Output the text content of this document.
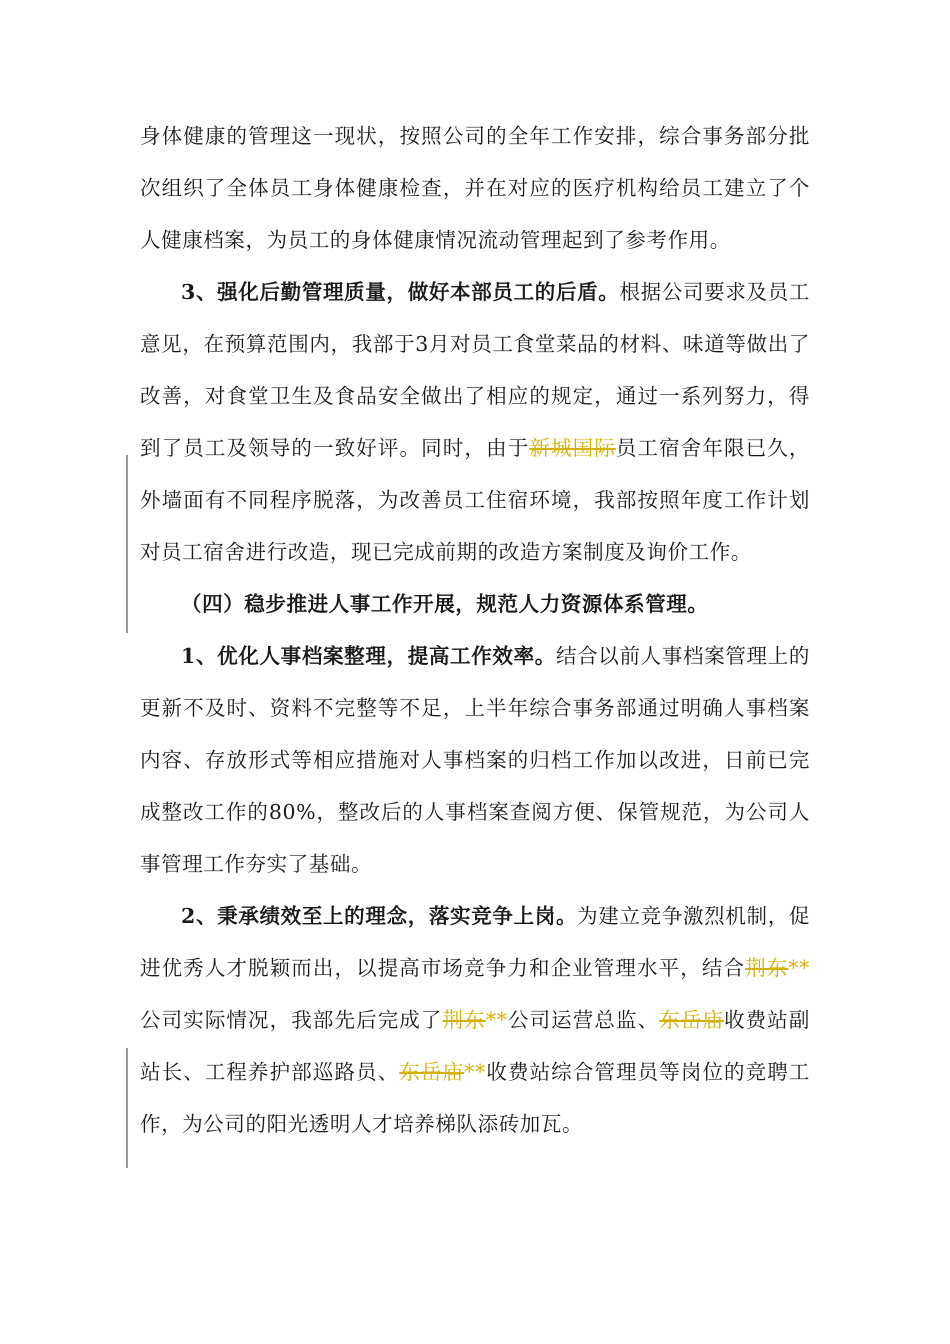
身体健康的管理这一现状，按照公司的全年工作安排，综合事务部分批次组织了全体员工身体健康检查，并在对应的医疗机构给员工建立了个人健康档案，为员工的身体健康情况流动管理起到了参考作用。

3、强化后勤管理质量，做好本部员工的后盾。根据公司要求及员工意见，在预算范围内，我部于3月对员工食堂菜品的材料、味道等做出了改善，对食堂卫生及食品安全做出了相应的规定，通过一系列努力，得到了员工及领导的一致好评。同时，由于新城国际员工宿舍年限已久，外墙面有不同程序脱落，为改善员工住宿环境，我部按照年度工作计划对员工宿舍进行改造，现已完成前期的改造方案制度及询价工作。

（四）稳步推进人事工作开展，规范人力资源体系管理。

1、优化人事档案整理，提高工作效率。结合以前人事档案管理上的更新不及时、资料不完整等不足，上半年综合事务部通过明确人事档案内容、存放形式等相应措施对人事档案的归档工作加以改进，日前已完成整改工作的80%，整改后的人事档案查阅方便、保管规范，为公司人事管理工作夯实了基础。

2、秉承绩效至上的理念，落实竞争上岗。为建立竞争激烈机制，促进优秀人才脱颖而出，以提高市场竞争力和企业管理水平，结合荆东**公司实际情况，我部先后完成了荆东**公司运营总监、东岳庙收费站副站长、工程养护部巡路员、东岳庙**收费站综合管理员等岗位的竞聘工作，为公司的阳光透明人才培养梯队添砖加瓦。
